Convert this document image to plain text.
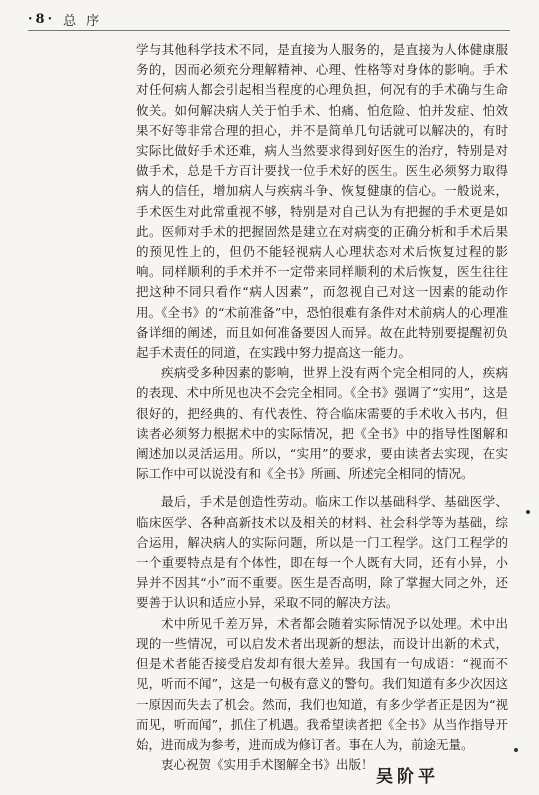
·8· 总序

学与其他科学技术不同，是直接为人服务的，是直接为人体健康服务的，因而必须充分理解精神、心理、性格等对身体的影响。手术对任何病人都会引起相当程度的心理负担，何况有的手术确与生命攸关。如何解决病人关于怕手术、怕痛、怕危险、怕并发症、怕效果不好等非常合理的担心，并不是简单几句话就可以解决的，有时实际比做好手术还难，病人当然要求得到好医生的治疗，特别是对做手术，总是千方百计要找一位手术好的医生。医生必须努力取得病人的信任，增加病人与疾病斗争、恢复健康的信心。一般说来，手术医生对此常重视不够，特别是对自己认为有把握的手术更是如此。医师对手术的把握固然是建立在对病变的正确分析和手术后果的预见性上的，但仍不能轻视病人心理状态对术后恢复过程的影响。同样顺利的手术并不一定带来同样顺利的术后恢复，医生往往把这种不同只看作“病人因素”，而忽视自己对这一因素的能动作用。《全书》的“术前准备”中，恐怕很难有条件对术前病人的心理准备详细的阐述，而且如何准备要因人而异。故在此特别要提醒初负起手术责任的同道，在实践中努力提高这一能力。

疾病受多种因素的影响，世界上没有两个完全相同的人，疾病的表现、术中所见也决不会完全相同。《全书》强调了“实用”，这是很好的，把经典的、有代表性、符合临床需要的手术收入书内，但读者必须努力根据术中的实际情况，把《全书》中的指导性图解和阐述加以灵活运用。所以，“实用”的要求，要由读者去实现，在实际工作中可以说没有和《全书》所画、所述完全相同的情况。

最后，手术是创造性劳动。临床工作以基础科学、基础医学、临床医学、各种高新技术以及相关的材料、社会科学等为基础，综合运用，解决病人的实际问题，所以是一门工程学。这门工程学的一个重要特点是有个体性，即在每一个人既有大同，还有小异，小异并不因其“小”而不重要。医生是否高明，除了掌握大同之外，还要善于认识和适应小异，采取不同的解决方法。

术中所见千差万异，术者都会随着实际情况予以处理。术中出现的一些情况，可以启发术者出现新的想法，而设计出新的术式，但是术者能否接受启发却有很大差异。我国有一句成语：“视而不见，听而不闻”，这是一句极有意义的警句。我们知道有多少次因这一原因而失去了机会。然而，我们也知道，有多少学者正是因为“视而见，听而闻”，抓住了机遇。我希望读者把《全书》从当作指导开始，进而成为参考，进而成为修订者。事在人为，前途无量。

衷心祝贺《实用手术图解全书》出版！

吴阶平
